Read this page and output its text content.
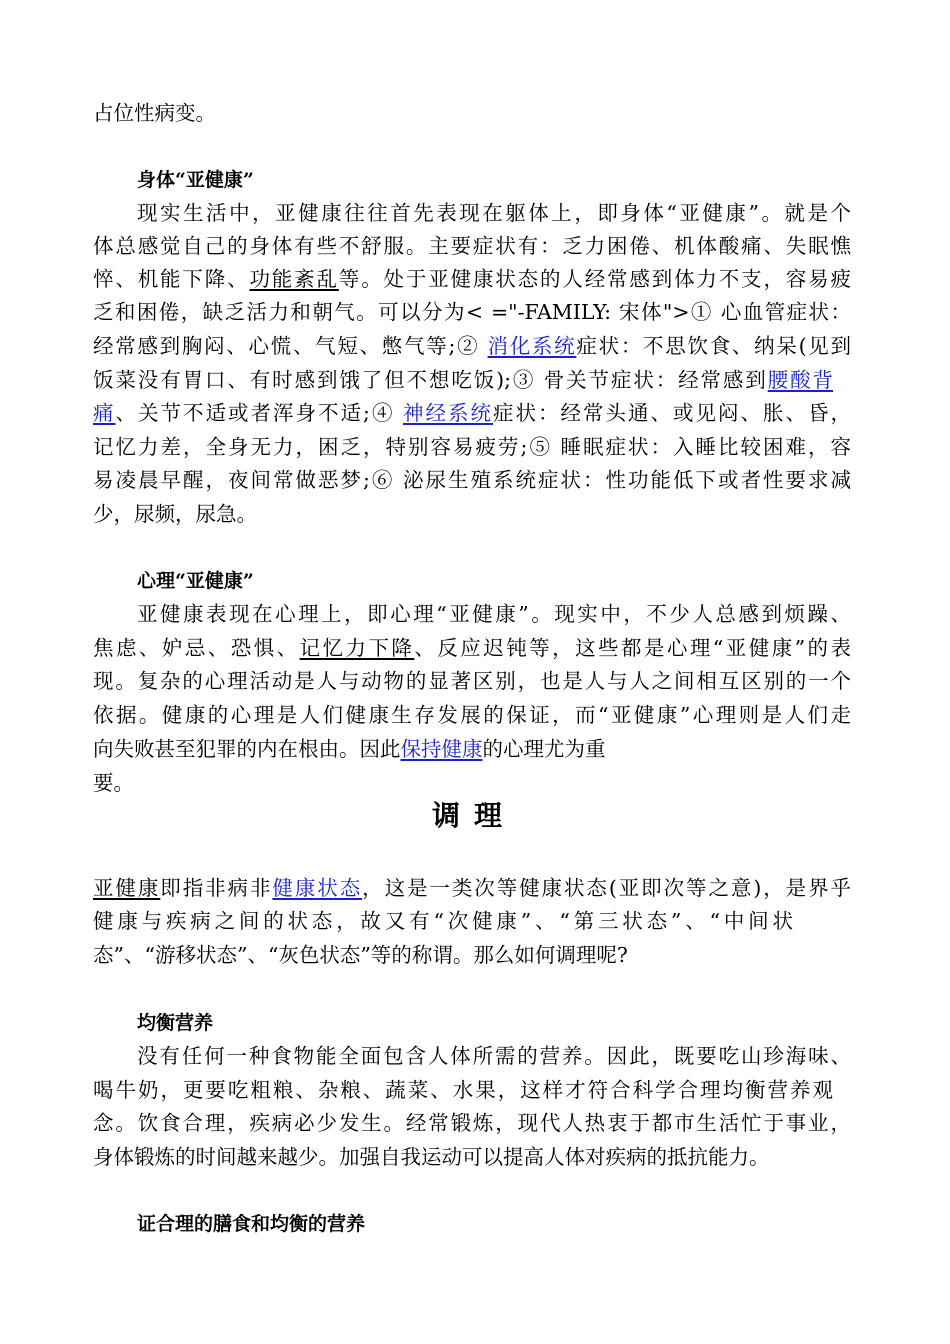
占位性病变。
身体“亚健康”
现实生活中，亚健康往往首先表现在躯体上，即身体“亚健康”。就是个
体总感觉自己的身体有些不舒服。主要症状有：乏力困倦、机体酸痛、失眠憔
悴、机能下降、功能紊乱等。处于亚健康状态的人经常感到体力不支，容易疲
乏和困倦，缺乏活力和朝气。可以分为< ="-FAMILY: 宋体">① 心血管症状：
经常感到胸闷、心慌、气短、憋气等;② 消化系统症状：不思饮食、纳呆(见到
饭菜没有胃口、有时感到饿了但不想吃饭);③ 骨关节症状：经常感到腰酸背
痛、关节不适或者浑身不适;④ 神经系统症状：经常头通、或见闷、胀、昏，
记忆力差，全身无力，困乏，特别容易疲劳;⑤ 睡眠症状：入睡比较困难，容
易凌晨早醒，夜间常做恶梦;⑥ 泌尿生殖系统症状：性功能低下或者性要求减
少，尿频，尿急。
心理“亚健康”
亚健康表现在心理上，即心理“亚健康”。现实中，不少人总感到烦躁、
焦虑、妒忌、恐惧、记忆力下降、反应迟钝等，这些都是心理“亚健康”的表
现。复杂的心理活动是人与动物的显著区别，也是人与人之间相互区别的一个
依据。健康的心理是人们健康生存发展的保证，而“亚健康”心理则是人们走
向失败甚至犯罪的内在根由。因此保持健康的心理尤为重
要。
调理
亚健康即指非病非健康状态，这是一类次等健康状态(亚即次等之意)，是界乎
健康与疾病之间的状态，故又有“次健康”、“第三状态”、“中间状
态”、“游移状态”、“灰色状态”等的称谓。那么如何调理呢?
均衡营养
没有任何一种食物能全面包含人体所需的营养。因此，既要吃山珍海味、
喝牛奶，更要吃粗粮、杂粮、蔬菜、水果，这样才符合科学合理均衡营养观
念。饮食合理，疾病必少发生。经常锻炼，现代人热衷于都市生活忙于事业，
身体锻炼的时间越来越少。加强自我运动可以提高人体对疾病的抵抗能力。
证合理的膳食和均衡的营养
